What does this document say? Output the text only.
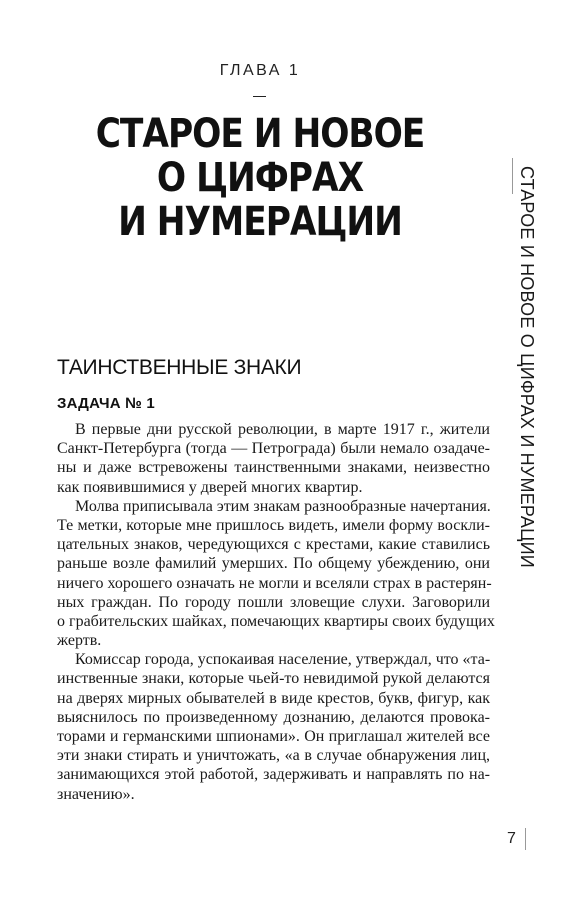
ГЛАВА 1
СТАРОЕ И НОВОЕ
О ЦИФРАХ
И НУМЕРАЦИИ	СТАРОЕ И НОВОЕ О ЦИФРАХ И НУМЕРАЦИИ
ТАИНСТВЕННЫЕ ЗНАКИ
ЗАДАЧА № 1
В первые дни русской революции, в марте 1917 г., жители
Санкт-Петербурга (тогда — Петрограда) были немало озадаче-
ны и даже встревожены таинственными знаками, неизвестно
как появившимися у дверей многих квартир.
Молва приписывала этим знакам разнообразные начертания.
Те метки, которые мне пришлось видеть, имели форму воскли-
цательных знаков, чередующихся с крестами, какие ставились
раньше возле фамилий умерших. По общему убеждению, они
ничего хорошего означать не могли и вселяли страх в растерян-
ных граждан. По городу пошли зловещие слухи. Заговорили
о грабительских шайках, помечающих квартиры своих будущих
жертв.
Комиссар города, успокаивая население, утверждал, что «та-
инственные знаки, которые чьей-то невидимой рукой делаются
на дверях мирных обывателей в виде крестов, букв, фигур, как
выяснилось по произведенному дознанию, делаются провока-
торами и германскими шпионами». Он приглашал жителей все
эти знаки стирать и уничтожать, «а в случае обнаружения лиц,
занимающихся этой работой, задерживать и направлять по на-
значению».
7
